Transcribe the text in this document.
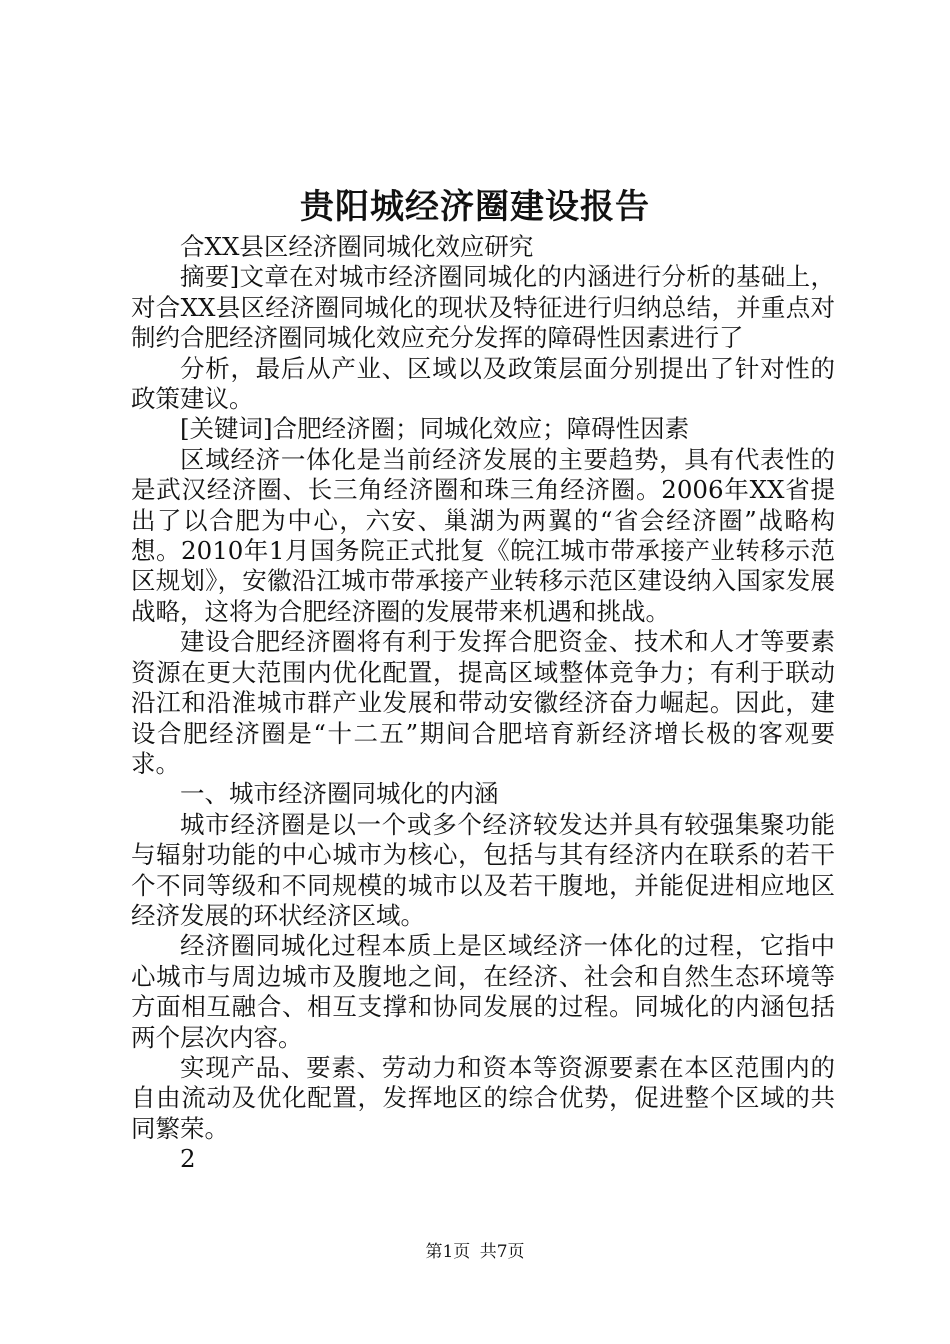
贵阳城经济圈建设报告

合XX县区经济圈同城化效应研究

摘要]文章在对城市经济圈同城化的内涵进行分析的基础上，对合XX县区经济圈同城化的现状及特征进行归纳总结，并重点对制约合肥经济圈同城化效应充分发挥的障碍性因素进行了

分析，最后从产业、区域以及政策层面分别提出了针对性的政策建议。

[关键词]合肥经济圈；同城化效应；障碍性因素

区域经济一体化是当前经济发展的主要趋势，具有代表性的是武汉经济圈、长三角经济圈和珠三角经济圈。2006年XX省提出了以合肥为中心，六安、巢湖为两翼的“省会经济圈”战略构想。2010年1月国务院正式批复《皖江城市带承接产业转移示范区规划》，安徽沿江城市带承接产业转移示范区建设纳入国家发展战略，这将为合肥经济圈的发展带来机遇和挑战。

建设合肥经济圈将有利于发挥合肥资金、技术和人才等要素资源在更大范围内优化配置，提高区域整体竞争力；有利于联动沿江和沿淮城市群产业发展和带动安徽经济奋力崛起。因此，建设合肥经济圈是“十二五”期间合肥培育新经济增长极的客观要求。

一、城市经济圈同城化的内涵

城市经济圈是以一个或多个经济较发达并具有较强集聚功能与辐射功能的中心城市为核心，包括与其有经济内在联系的若干个不同等级和不同规模的城市以及若干腹地，并能促进相应地区经济发展的环状经济区域。

经济圈同城化过程本质上是区域经济一体化的过程，它指中心城市与周边城市及腹地之间，在经济、社会和自然生态环境等方面相互融合、相互支撑和协同发展的过程。同城化的内涵包括两个层次内容。

实现产品、要素、劳动力和资本等资源要素在本区范围内的自由流动及优化配置，发挥地区的综合优势，促进整个区域的共同繁荣。

2

第1页 共7页
